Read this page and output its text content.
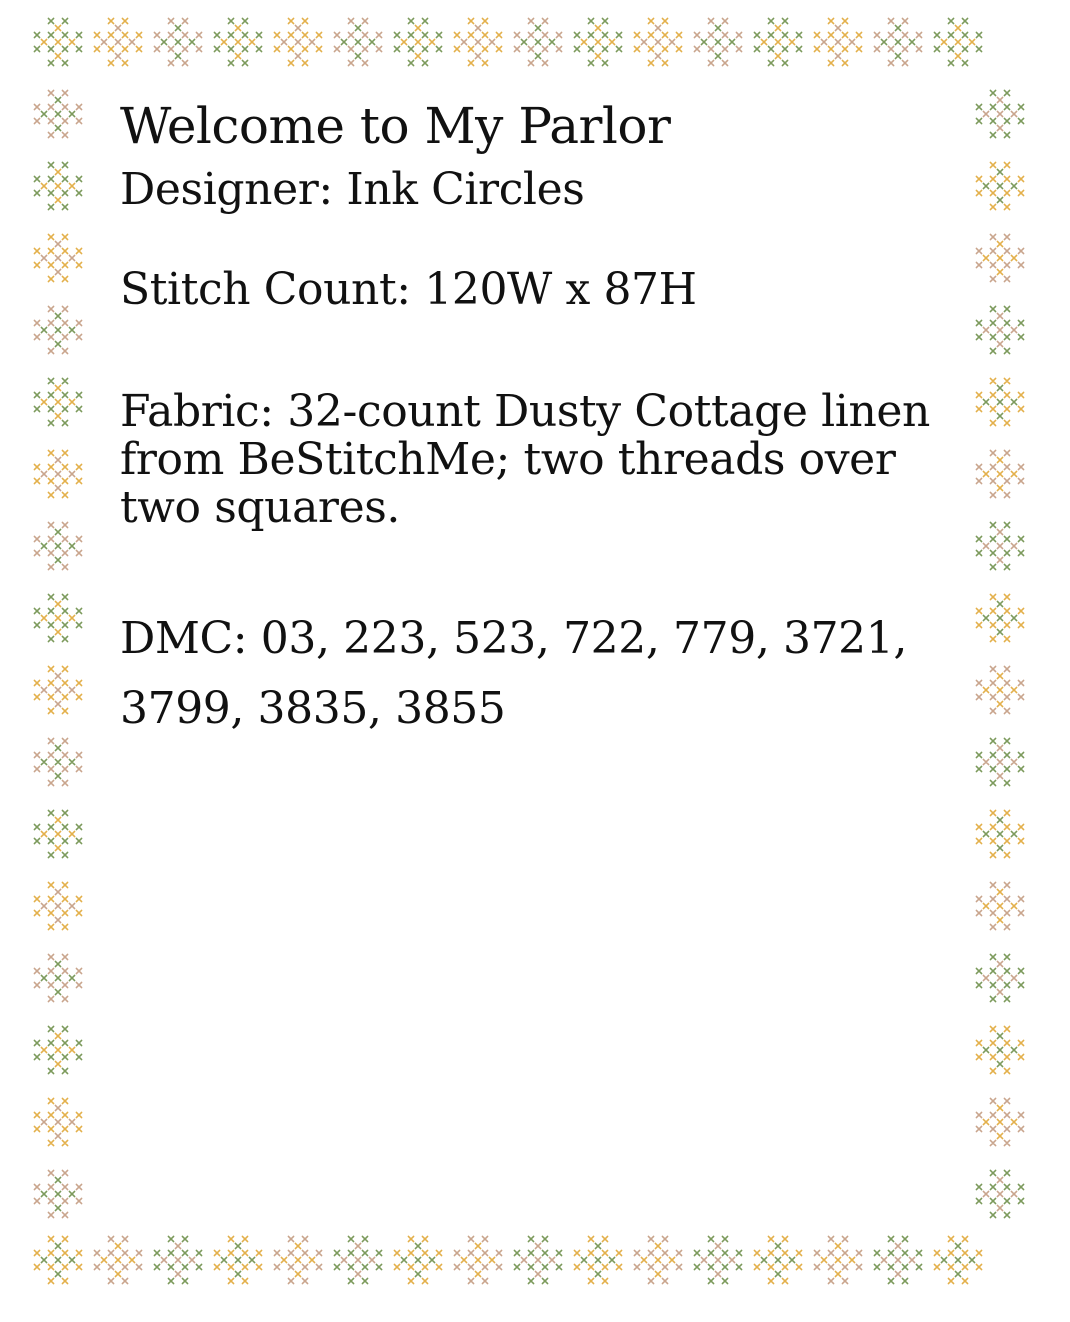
Welcome to My Parlor

Designer: Ink Circles

Stitch Count: 120W x 87H

Fabric: 32-count Dusty Cottage linen from BeStitchMe; two threads over two squares.

DMC: 03, 223, 523, 722, 779, 3721, 3799, 3835, 3855
